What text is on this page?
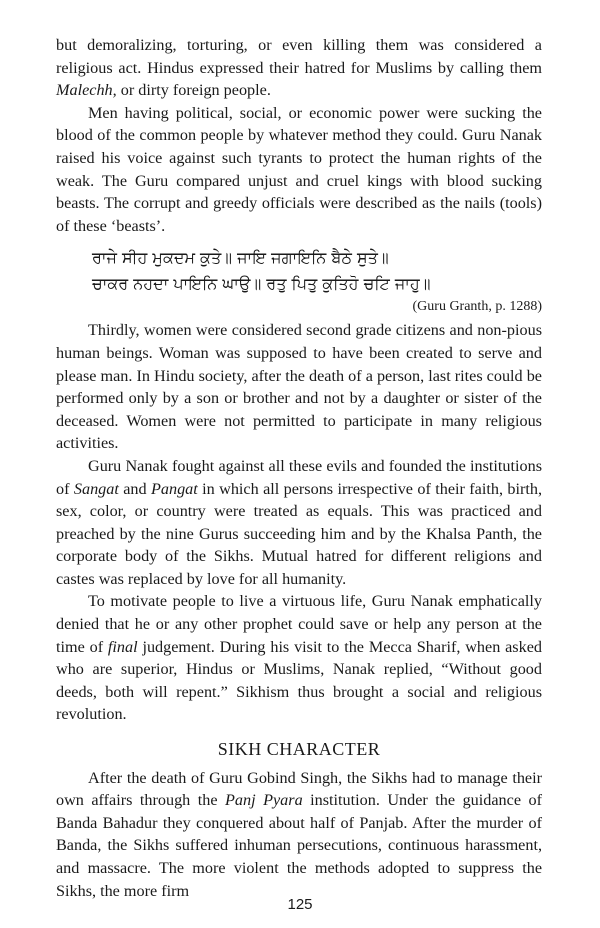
but demoralizing, torturing, or even killing them was considered a religious act. Hindus expressed their hatred for Muslims by calling them Malechh, or dirty foreign people.

Men having political, social, or economic power were sucking the blood of the common people by whatever method they could. Guru Nanak raised his voice against such tyrants to protect the human rights of the weak. The Guru compared unjust and cruel kings with blood sucking beasts. The corrupt and greedy officials were described as the nails (tools) of these ‘beasts’.

ਰਾਜੇ ਸੀਹ ਮੁਕਦਮ ਕੁਤੇ॥ ਜਾਇ ਜਗਾਇਨਿ ਬੈਠੇ ਸੁਤੇ॥
ਚਾਕਰ ਨਹਦਾ ਪਾਇਨਿ ਘਾਉ॥ ਰਤੁ ਪਿਤੁ ਕੁਤਿਹੋ ਚਟਿ ਜਾਹੁ॥
(Guru Granth, p. 1288)

Thirdly, women were considered second grade citizens and non-pious human beings. Woman was supposed to have been created to serve and please man. In Hindu society, after the death of a person, last rites could be performed only by a son or brother and not by a daughter or sister of the deceased. Women were not permitted to participate in many religious activities.

Guru Nanak fought against all these evils and founded the institutions of Sangat and Pangat in which all persons irrespective of their faith, birth, sex, color, or country were treated as equals. This was practiced and preached by the nine Gurus succeeding him and by the Khalsa Panth, the corporate body of the Sikhs. Mutual hatred for different religions and castes was replaced by love for all humanity.

To motivate people to live a virtuous life, Guru Nanak emphatically denied that he or any other prophet could save or help any person at the time of final judgement. During his visit to the Mecca Sharif, when asked who are superior, Hindus or Muslims, Nanak replied, “Without good deeds, both will repent.” Sikhism thus brought a social and religious revolution.

SIKH CHARACTER

After the death of Guru Gobind Singh, the Sikhs had to manage their own affairs through the Panj Pyara institution. Under the guidance of Banda Bahadur they conquered about half of Panjab. After the murder of Banda, the Sikhs suffered inhuman persecutions, continuous harassment, and massacre. The more violent the methods adopted to suppress the Sikhs, the more firm

125
